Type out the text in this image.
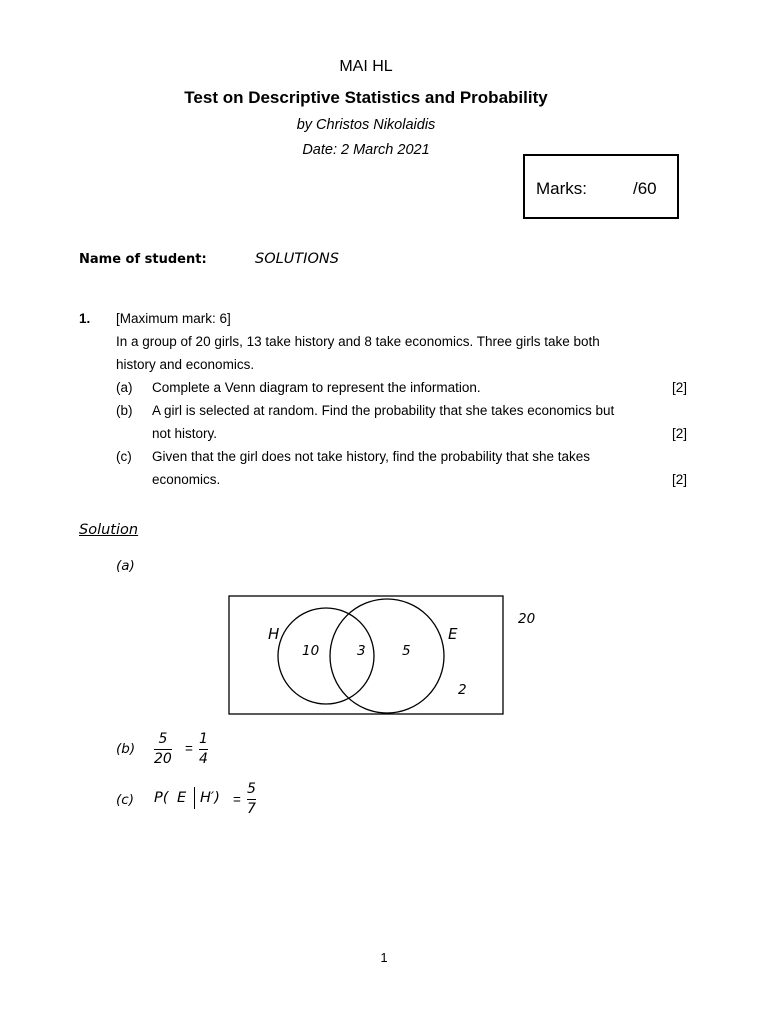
MAI HL
Test on Descriptive Statistics and Probability
by Christos Nikolaidis
Date: 2 March 2021
Marks:	/60
Name of student:	SOLUTIONS
1. [Maximum mark: 6]
In a group of 20 girls, 13 take history and 8 take economics. Three girls take both
history and economics.
(a) Complete a Venn diagram to represent the information.	[2]
(b) A girl is selected at random. Find the probability that she takes economics but
not history.	[2]
(c) Given that the girl does not take history, find the probability that she takes
economics.	[2]
Solution
(a)
20
H	E
10	3	5
2
(b)
5
20
=
1
4
(c) P( E H′) =
5
7
1
